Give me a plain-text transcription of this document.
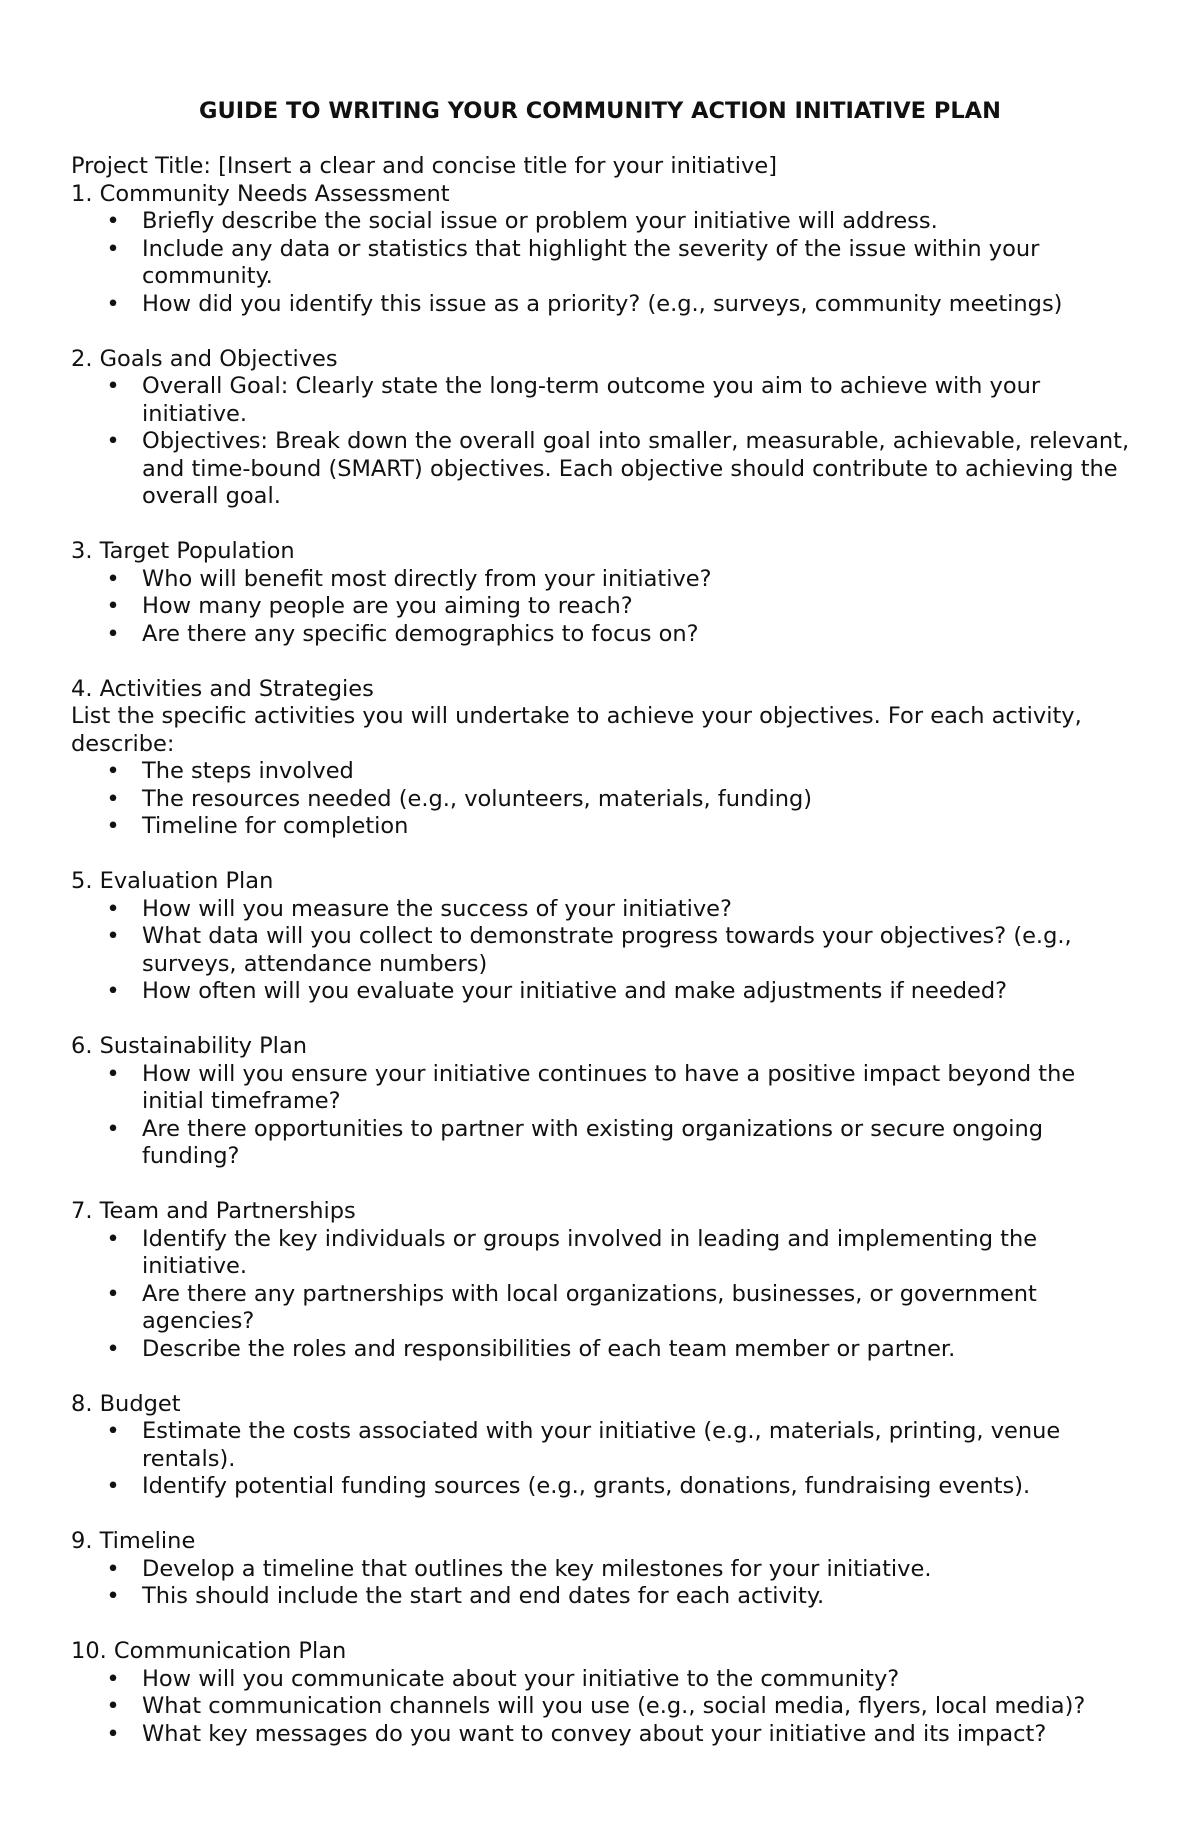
GUIDE TO WRITING YOUR COMMUNITY ACTION INITIATIVE PLAN

Project Title: [Insert a clear and concise title for your initiative]

1. Community Needs Assessment

• Briefly describe the social issue or problem your initiative will address.
• Include any data or statistics that highlight the severity of the issue within your community.
• How did you identify this issue as a priority? (e.g., surveys, community meetings)

2. Goals and Objectives

• Overall Goal: Clearly state the long-term outcome you aim to achieve with your initiative.
• Objectives: Break down the overall goal into smaller, measurable, achievable, relevant, and time-bound (SMART) objectives. Each objective should contribute to achieving the overall goal.

3. Target Population

• Who will benefit most directly from your initiative?
• How many people are you aiming to reach?
• Are there any specific demographics to focus on?

4. Activities and Strategies

List the specific activities you will undertake to achieve your objectives. For each activity, describe:

• The steps involved
• The resources needed (e.g., volunteers, materials, funding)
• Timeline for completion

5. Evaluation Plan

• How will you measure the success of your initiative?
• What data will you collect to demonstrate progress towards your objectives? (e.g., surveys, attendance numbers)
• How often will you evaluate your initiative and make adjustments if needed?

6. Sustainability Plan

• How will you ensure your initiative continues to have a positive impact beyond the initial timeframe?
• Are there opportunities to partner with existing organizations or secure ongoing funding?

7. Team and Partnerships

• Identify the key individuals or groups involved in leading and implementing the initiative.
• Are there any partnerships with local organizations, businesses, or government agencies?
• Describe the roles and responsibilities of each team member or partner.

8. Budget

• Estimate the costs associated with your initiative (e.g., materials, printing, venue rentals).
• Identify potential funding sources (e.g., grants, donations, fundraising events).

9. Timeline

• Develop a timeline that outlines the key milestones for your initiative.
• This should include the start and end dates for each activity.

10. Communication Plan

• How will you communicate about your initiative to the community?
• What communication channels will you use (e.g., social media, flyers, local media)?
• What key messages do you want to convey about your initiative and its impact?
